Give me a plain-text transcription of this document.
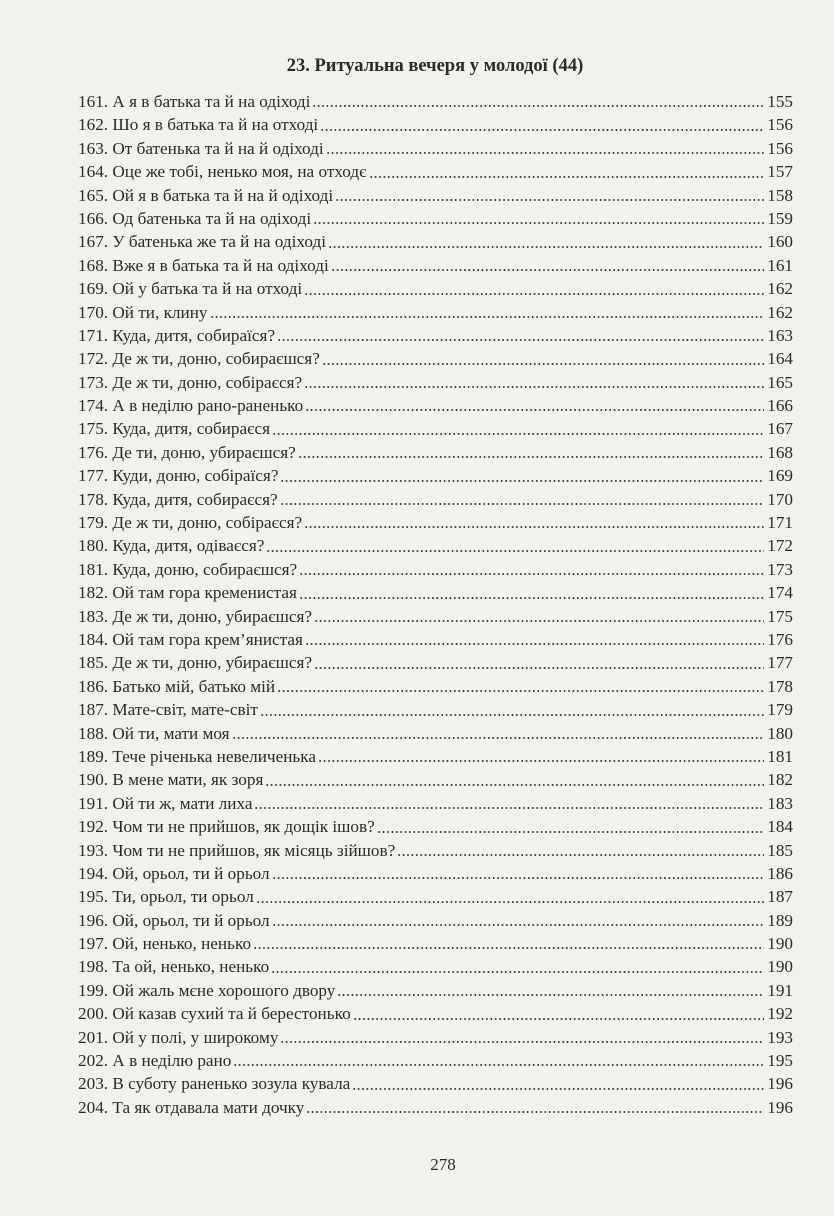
23. Ритуальна вечеря у молодої (44)
161. А я в батька та й на одіході	155
162. Шо я в батька та й на отході	156
163. От батенька та й на й одіході	156
164. Оце же тобі, ненько моя, на отходє	157
165. Ой я в батька та й на й одіході	158
166. Од батенька та й на одіході	159
167. У батенька же та й на одіході	160
168. Вже я в батька та й на одіході	161
169. Ой у батька та й на отході	162
170. Ой ти, клину	162
171. Куда, дитя, собираїся?	163
172. Де ж ти, доню, собираєшся?	164
173. Де ж ти, доню, собіраєся?	165
174. А в неділю рано-раненько	166
175. Куда, дитя, собираєся	167
176. Де ти, доню, убираєшся?	168
177. Куди, доню, собіраїся?	169
178. Куда, дитя, собираєся?	170
179. Де ж ти, доню, собіраєся?	171
180. Куда, дитя, одіваєся?	172
181. Куда, доню, собираєшся?	173
182. Ой там гора кременистая	174
183. Де ж ти, доню, убираєшся?	175
184. Ой там гора крем’янистая	176
185. Де ж ти, доню, убираєшся?	177
186. Батько мій, батько мій	178
187. Мате-світ, мате-світ	179
188. Ой ти, мати моя	180
189. Тече річенька невеличенька	181
190. В мене мати, як зоря	182
191. Ой ти ж, мати лиха	183
192. Чом ти не прийшов, як дощік ішов?	184
193. Чом ти не прийшов, як місяць зійшов?	185
194. Ой, орьол, ти й орьол	186
195. Ти, орьол, ти орьол	187
196. Ой, орьол, ти й орьол	189
197. Ой, ненько, ненько	190
198. Та ой, ненько, ненько	190
199. Ой жаль мєне хорошого двору	191
200. Ой казав сухий та й берестонько	192
201. Ой у полі, у широкому	193
202. А в неділю рано	195
203. В суботу раненько зозула кувала	196
204. Та як отдавала мати дочку	196
278
